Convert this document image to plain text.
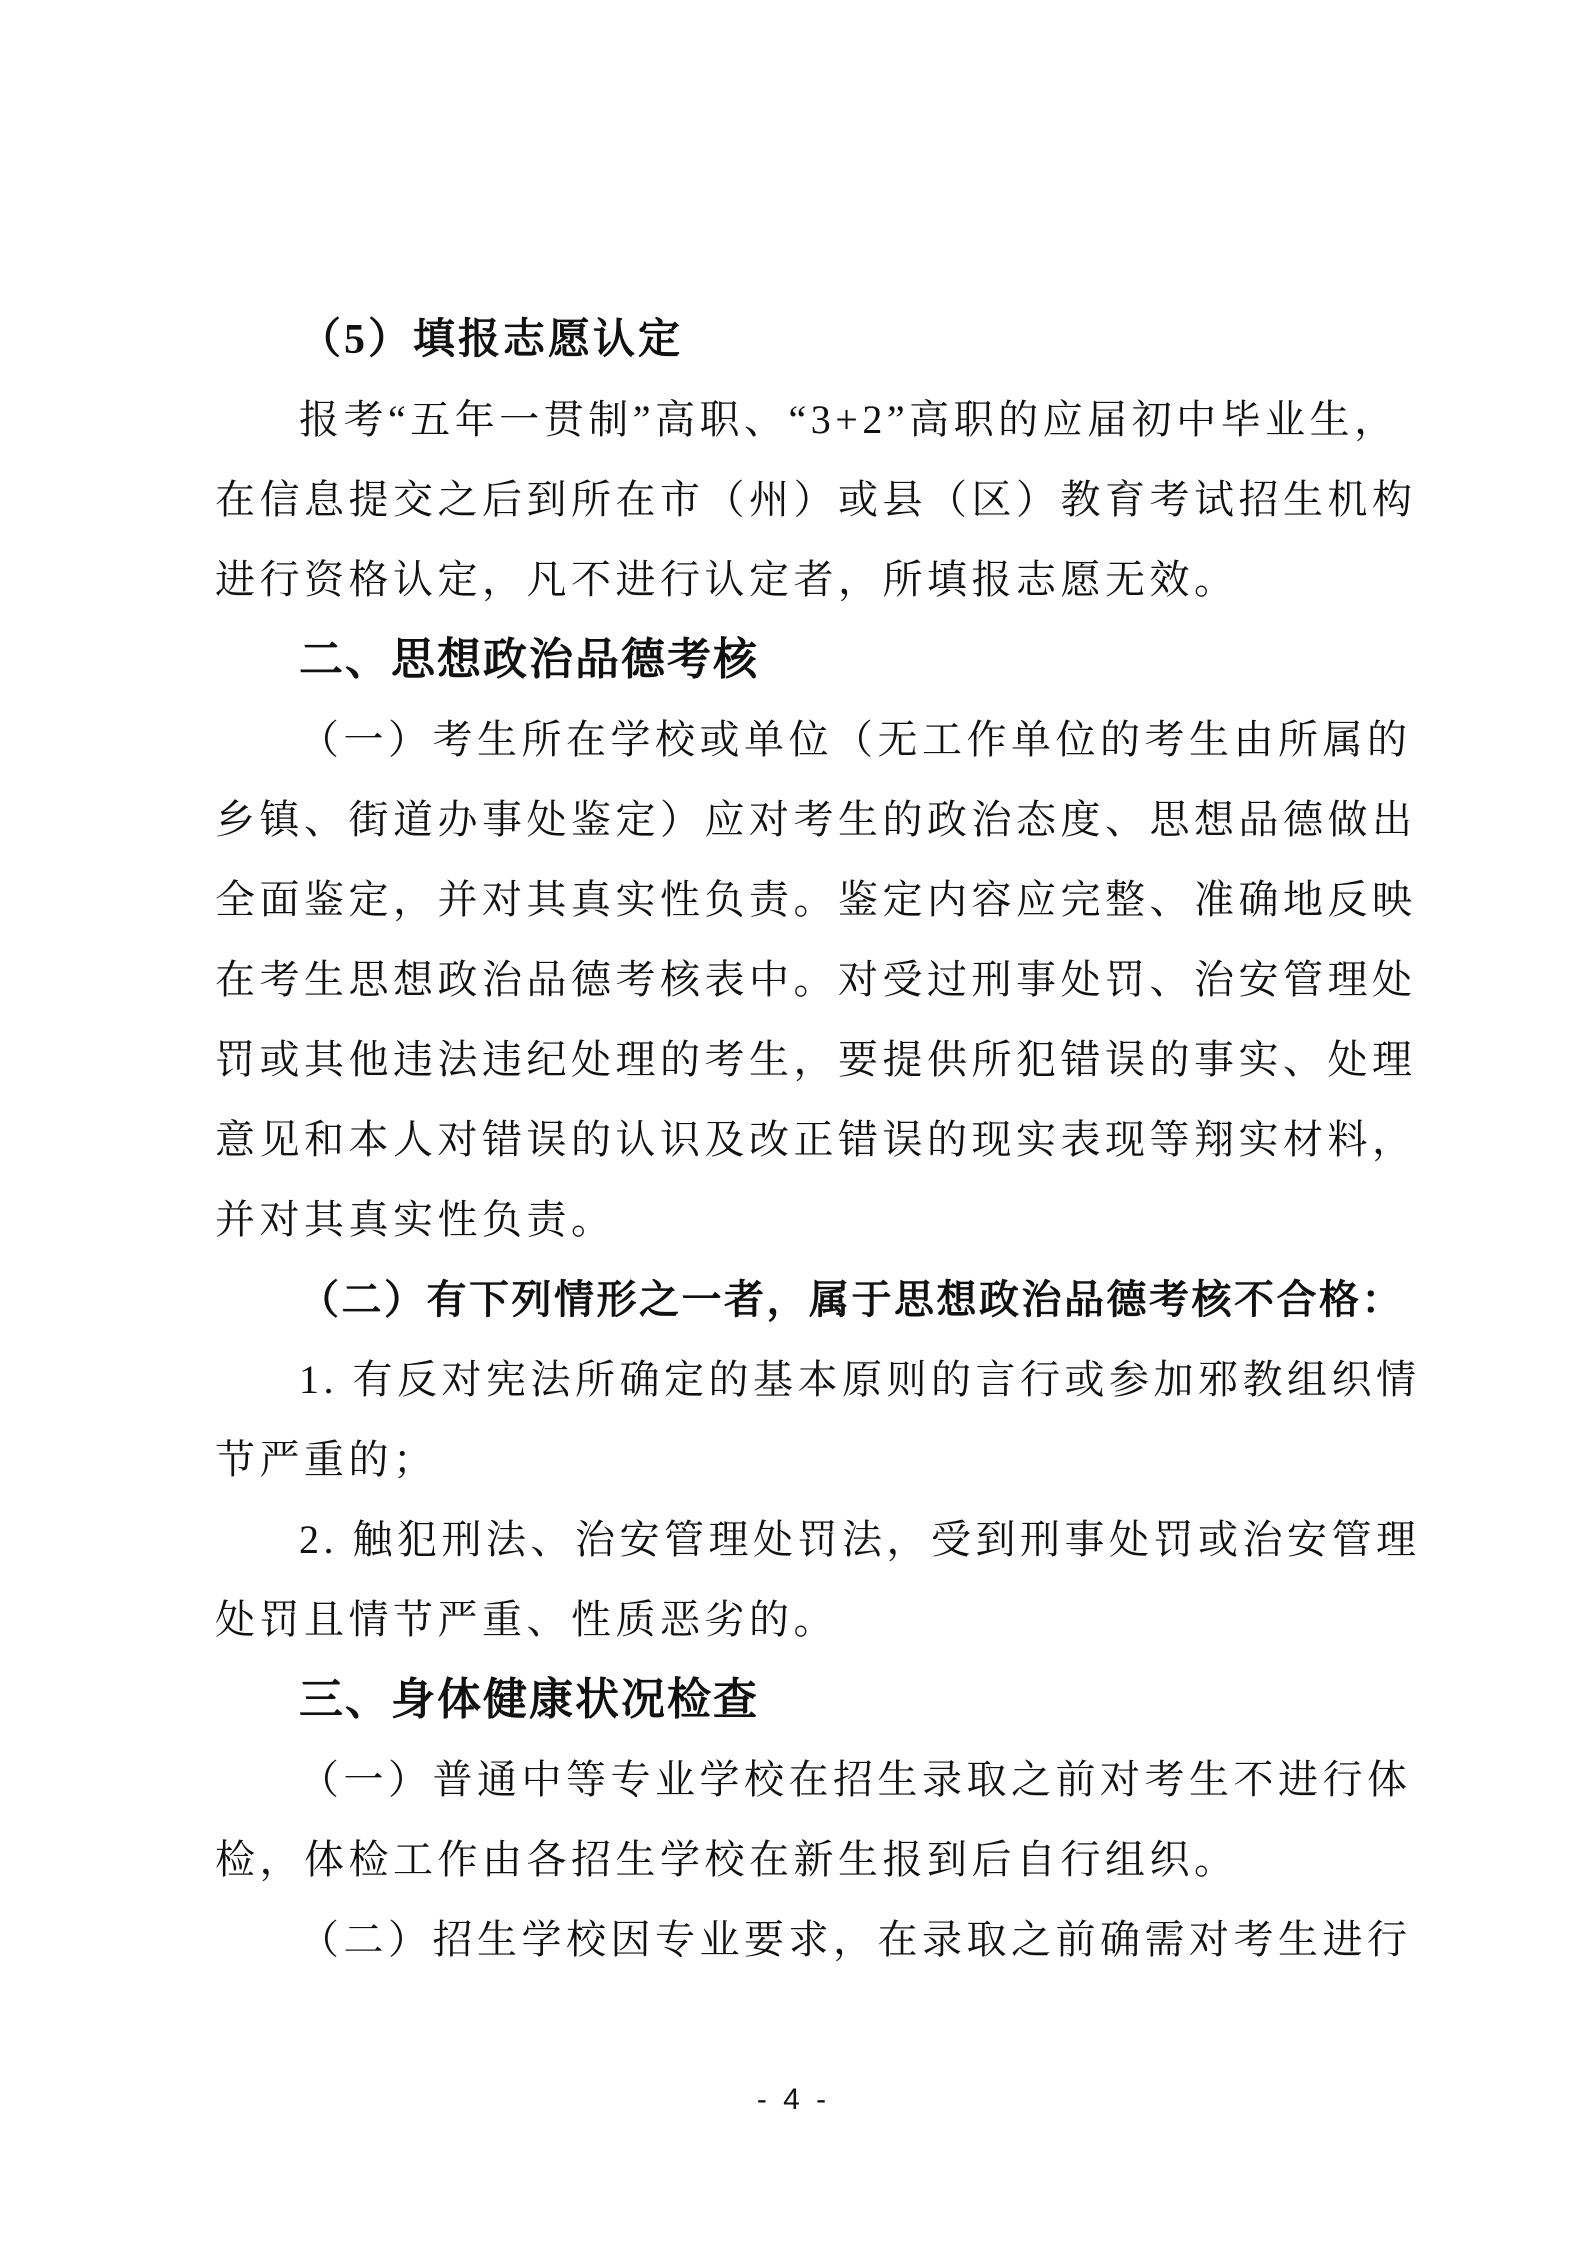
（5）填报志愿认定
报考“五年一贯制”高职、“3+2”高职的应届初中毕业生，
在信息提交之后到所在市（州）或县（区）教育考试招生机构
进行资格认定，凡不进行认定者，所填报志愿无效。
二、思想政治品德考核
（一）考生所在学校或单位（无工作单位的考生由所属的
乡镇、街道办事处鉴定）应对考生的政治态度、思想品德做出
全面鉴定，并对其真实性负责。鉴定内容应完整、准确地反映
在考生思想政治品德考核表中。对受过刑事处罚、治安管理处
罚或其他违法违纪处理的考生，要提供所犯错误的事实、处理
意见和本人对错误的认识及改正错误的现实表现等翔实材料，
并对其真实性负责。
（二）有下列情形之一者，属于思想政治品德考核不合格：
1. 有反对宪法所确定的基本原则的言行或参加邪教组织情
节严重的；
2. 触犯刑法、治安管理处罚法，受到刑事处罚或治安管理
处罚且情节严重、性质恶劣的。
三、身体健康状况检查
（一）普通中等专业学校在招生录取之前对考生不进行体
检，体检工作由各招生学校在新生报到后自行组织。
（二）招生学校因专业要求，在录取之前确需对考生进行
- 4 -
